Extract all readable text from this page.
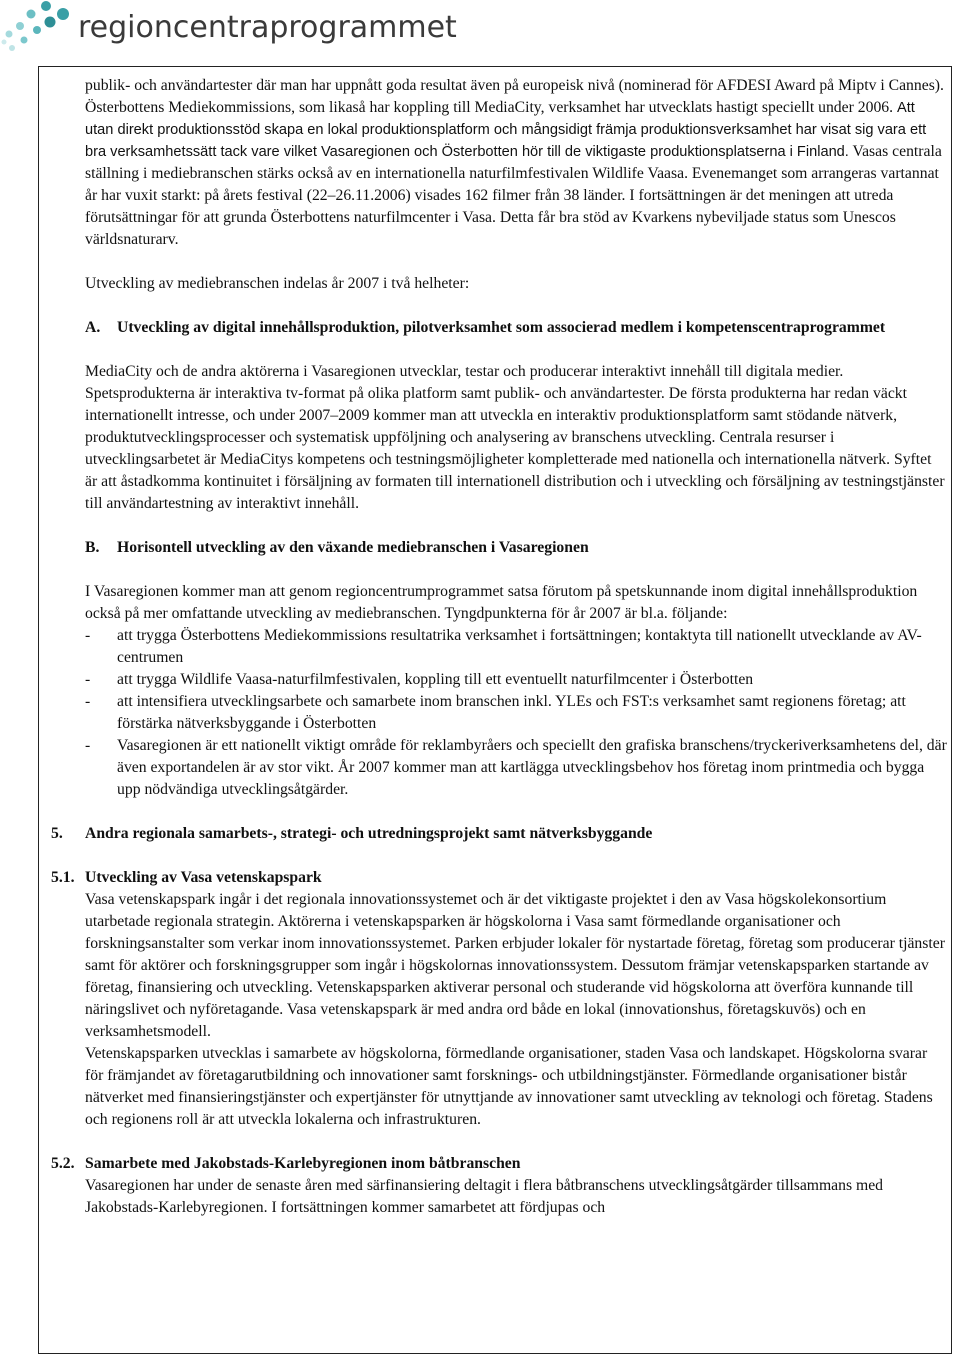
regioncentraprogrammet

publik- och användartester där man har uppnått goda resultat även på europeisk nivå (nominerad för AFDESI Award på Miptv i Cannes). Österbottens Mediekommissions, som likaså har koppling till MediaCity, verksamhet har utvecklats hastigt speciellt under 2006. Att utan direkt produktionsstöd skapa en lokal produktionsplatform och mångsidigt främja produktionsverksamhet har visat sig vara ett bra verksamhetssätt tack vare vilket Vasaregionen och Österbotten hör till de viktigaste produktionsplatserna i Finland. Vasas centrala ställning i mediebranschen stärks också av en internationella naturfilmfestivalen Wildlife Vaasa. Evenemanget som arrangeras vartannat år har vuxit starkt: på årets festival (22–26.11.2006) visades 162 filmer från 38 länder. I fortsättningen är det meningen att utreda förutsättningar för att grunda Österbottens naturfilmcenter i Vasa. Detta får bra stöd av Kvarkens nybeviljade status som Unescos världsnaturarv.

Utveckling av mediebranschen indelas år 2007 i två helheter:

A.	Utveckling av digital innehållsproduktion, pilotverksamhet som associerad medlem i kompetenscentraprogrammet

MediaCity och de andra aktörerna i Vasaregionen utvecklar, testar och producerar interaktivt innehåll till digitala medier. Spetsprodukterna är interaktiva tv-format på olika platform samt publik- och användartester. De första produkterna har redan väckt internationellt intresse, och under 2007–2009 kommer man att utveckla en interaktiv produktionsplatform samt stödande nätverk, produktutvecklingsprocesser och systematisk uppföljning och analysering av branschens utveckling. Centrala resurser i utvecklingsarbetet är MediaCitys kompetens och testningsmöjligheter kompletterade med nationella och internationella nätverk. Syftet är att åstadkomma kontinuitet i försäljning av formaten till internationell distribution och i utveckling och försäljning av testningstjänster till användartestning av interaktivt innehåll.

B.	Horisontell utveckling av den växande mediebranschen i Vasaregionen

I Vasaregionen kommer man att genom regioncentrumprogrammet satsa förutom på spetskunnande inom digital innehållsproduktion också på mer omfattande utveckling av mediebranschen. Tyngdpunkterna för år 2007 är bl.a. följande:

-	att trygga Österbottens Mediekommissions resultatrika verksamhet i fortsättningen; kontaktyta till nationellt utvecklande av AV-centrumen
-	att trygga Wildlife Vaasa-naturfilmfestivalen, koppling till ett eventuellt naturfilmcenter i Österbotten
-	att intensifiera utvecklingsarbete och samarbete inom branschen inkl. YLEs och FST:s verksamhet samt regionens företag; att förstärka nätverksbyggande i Österbotten
-	Vasaregionen är ett nationellt viktigt område för reklambyråers och speciellt den grafiska branschens/tryckeriverksamhetens del, där även exportandelen är av stor vikt. År 2007 kommer man att kartlägga utvecklingsbehov hos företag inom printmedia och bygga upp nödvändiga utvecklingsåtgärder.
5.	Andra regionala samarbets-, strategi- och utredningsprojekt samt nätverksbyggande
5.1. Utveckling av Vasa vetenskapspark

Vasa vetenskapspark ingår i det regionala innovationssystemet och är det viktigaste projektet i den av Vasa högskolekonsortium utarbetade regionala strategin. Aktörerna i vetenskapsparken är högskolorna i Vasa samt förmedlande organisationer och forskningsanstalter som verkar inom innovationssystemet. Parken erbjuder lokaler för nystartade företag, företag som producerar tjänster samt för aktörer och forskningsgrupper som ingår i högskolornas innovationssystem. Dessutom främjar vetenskapsparken startande av företag, finansiering och utveckling. Vetenskapsparken aktiverar personal och studerande vid högskolorna att överföra kunnande till näringslivet och nyföretagande. Vasa vetenskapspark är med andra ord både en lokal (innovationshus, företagskuvös) och en verksamhetsmodell.

Vetenskapsparken utvecklas i samarbete av högskolorna, förmedlande organisationer, staden Vasa och landskapet. Högskolorna svarar för främjandet av företagarutbildning och innovationer samt forsknings- och utbildningstjänster. Förmedlande organisationer bistår nätverket med finansieringstjänster och expertjänster för utnyttjande av innovationer samt utveckling av teknologi och företag. Stadens och regionens roll är att utveckla lokalerna och infrastrukturen.

5.2. Samarbete med Jakobstads-Karlebyregionen inom båtbranschen

Vasaregionen har under de senaste åren med särfinansiering deltagit i flera båtbranschens utvecklingsåtgärder tillsammans med Jakobstads-Karlebyregionen. I fortsättningen kommer samarbetet att fördjupas och
